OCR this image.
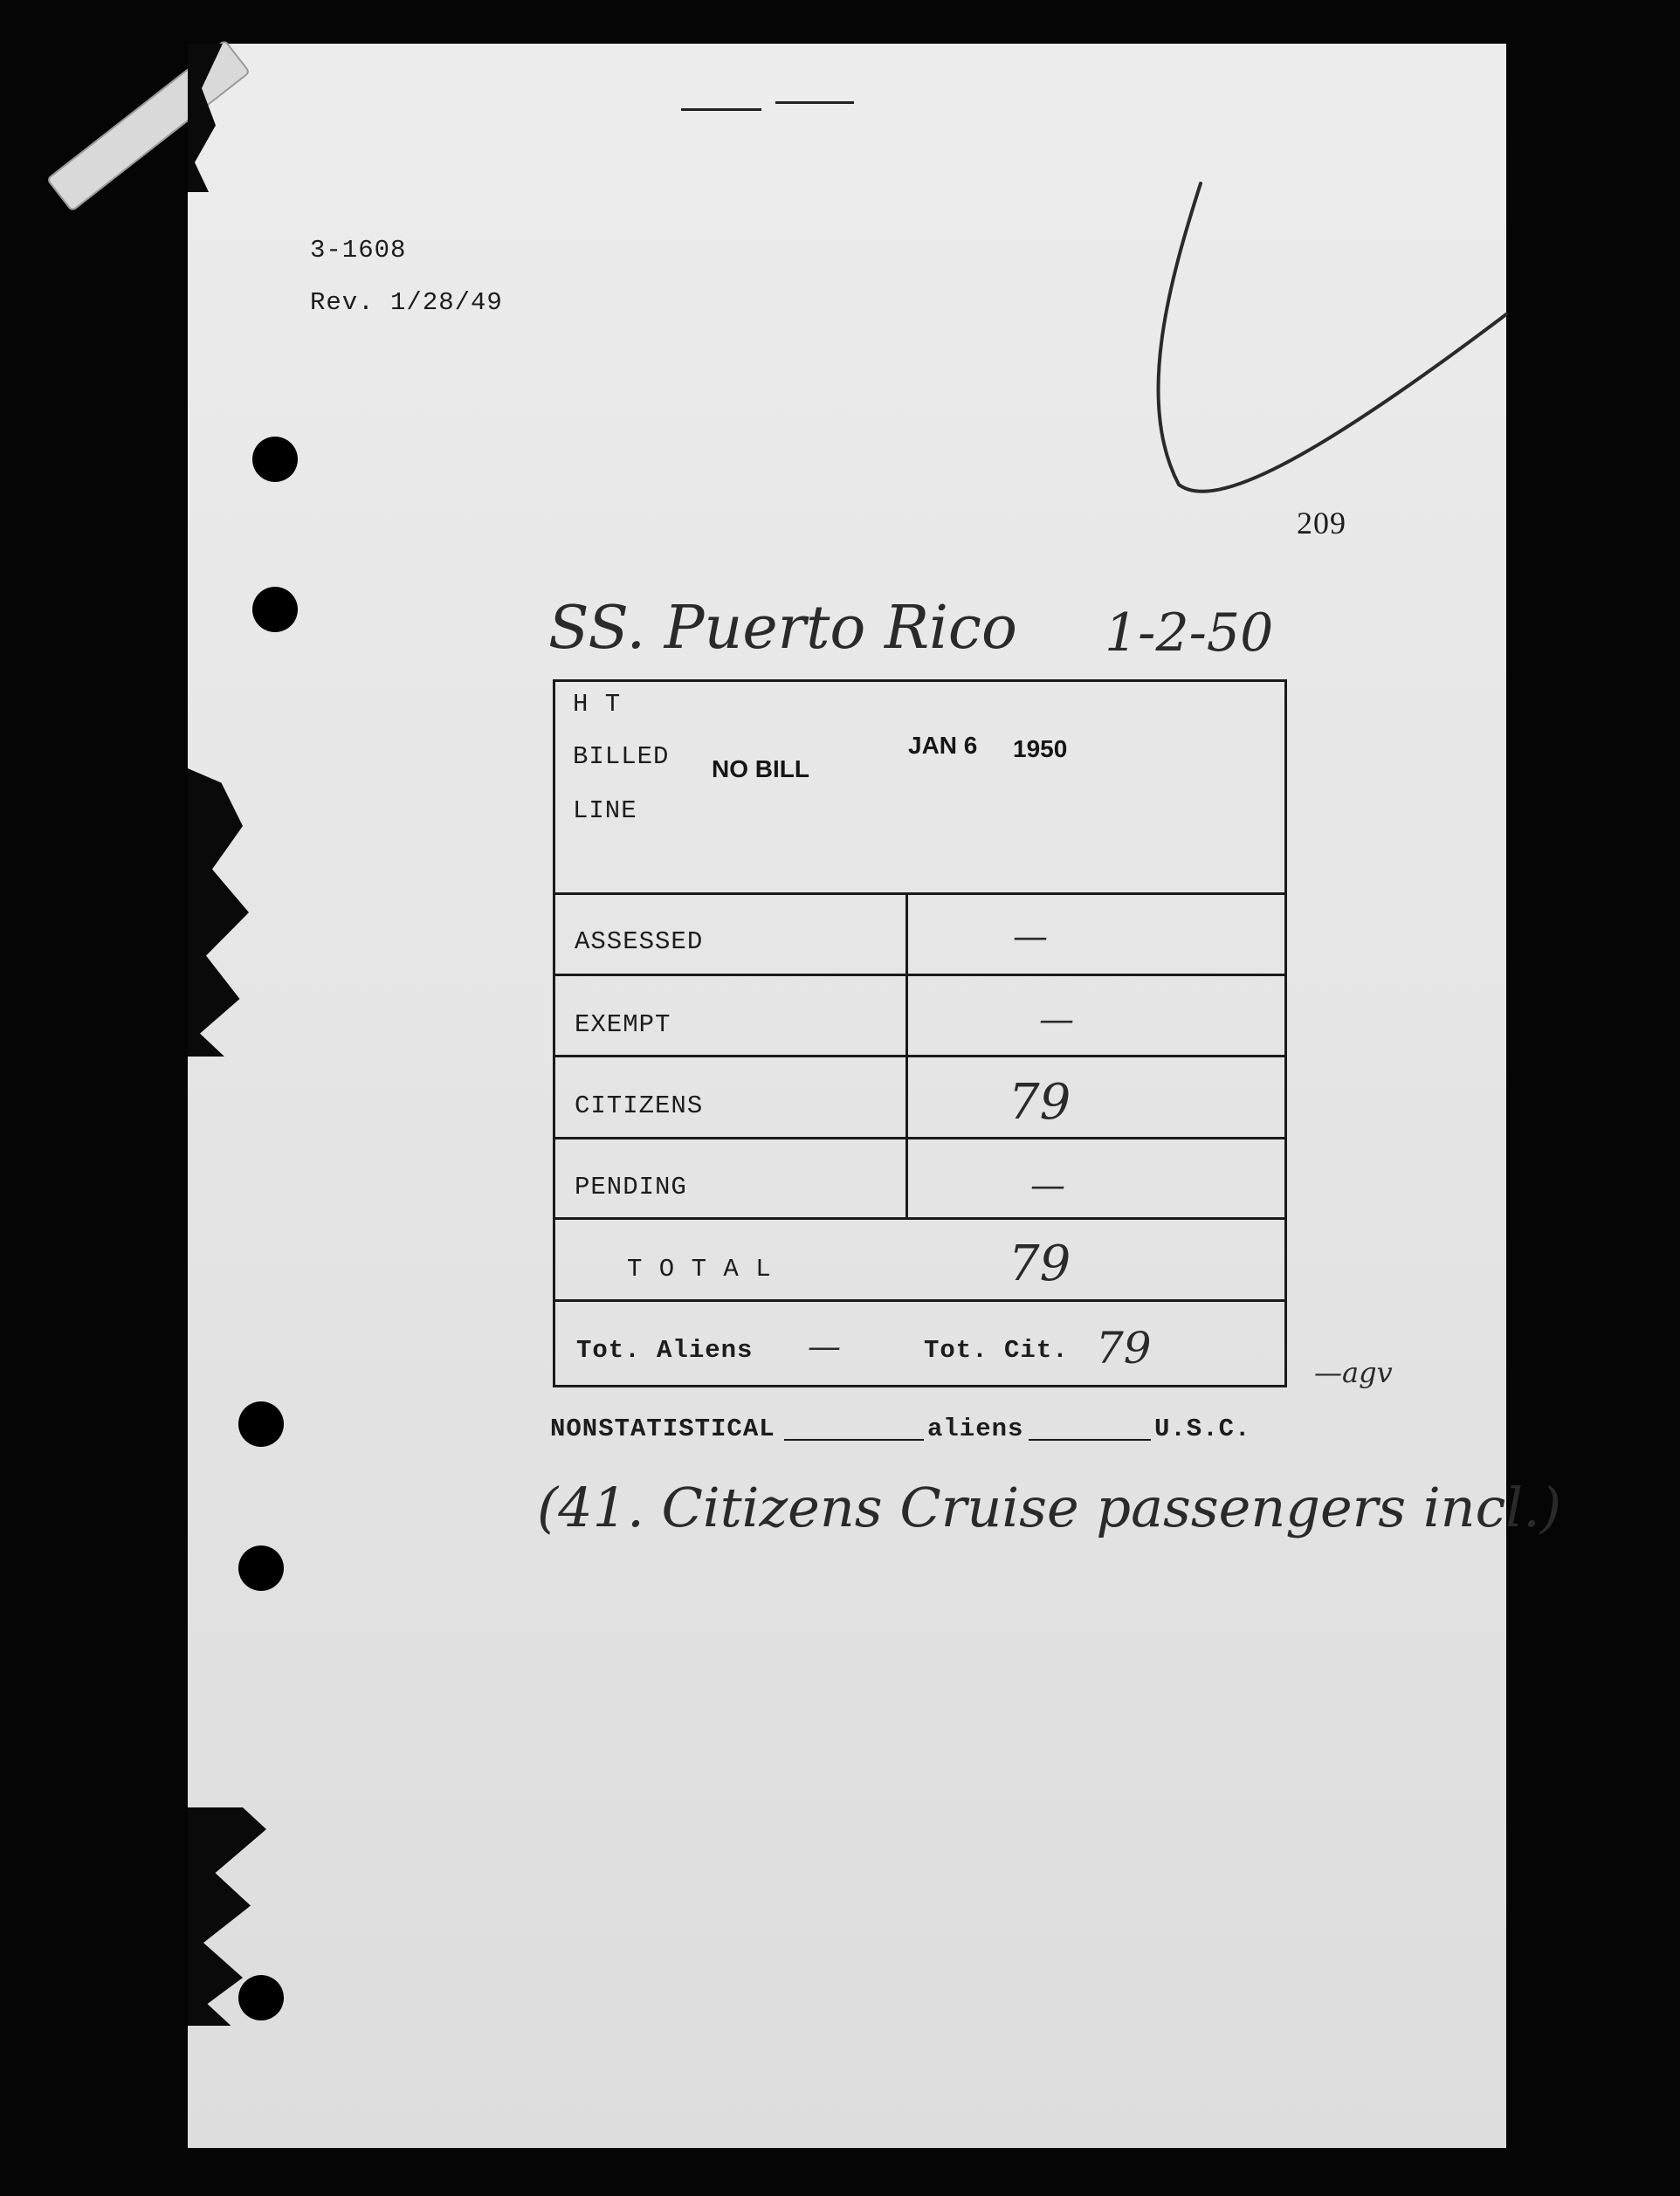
3-1608
Rev. 1/28/49
209
SS. Puerto Rico 1-2-50
H T
BILLED
LINE
NO BILL
JAN 6 1950
ASSESSED	—
EXEMPT	—
CITIZENS	79
PENDING	—
T O T A L	79
Tot. Aliens —	Tot. Cit. 79	—agv
NONSTATISTICAL	aliens	U.S.C.
(41. Citizens Cruise passengers incl.)
